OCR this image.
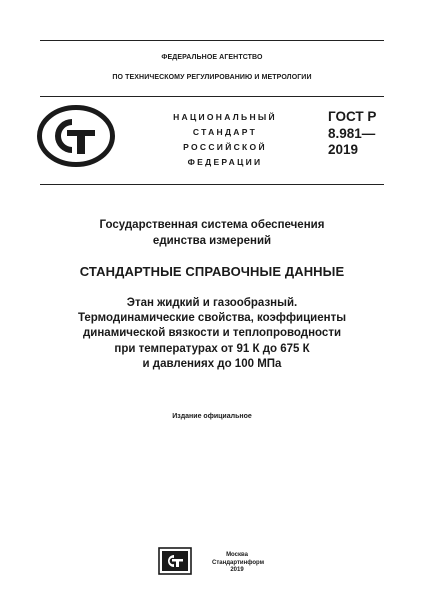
ФЕДЕРАЛЬНОЕ АГЕНТСТВО
ПО ТЕХНИЧЕСКОМУ РЕГУЛИРОВАНИЮ И МЕТРОЛОГИИ
НАЦИОНАЛЬНЫЙ
СТАНДАРТ
РОССИЙСКОЙ
ФЕДЕРАЦИИ
ГОСТ Р
8.981—
2019
Государственная система обеспечения
единства измерений
СТАНДАРТНЫЕ СПРАВОЧНЫЕ ДАННЫЕ
Этан жидкий и газообразный.
Термодинамические свойства, коэффициенты
динамической вязкости и теплопроводности
при температурах от 91 К до 675 К
и давлениях до 100 МПа
Издание официальное
Москва
Стандартинформ
2019
